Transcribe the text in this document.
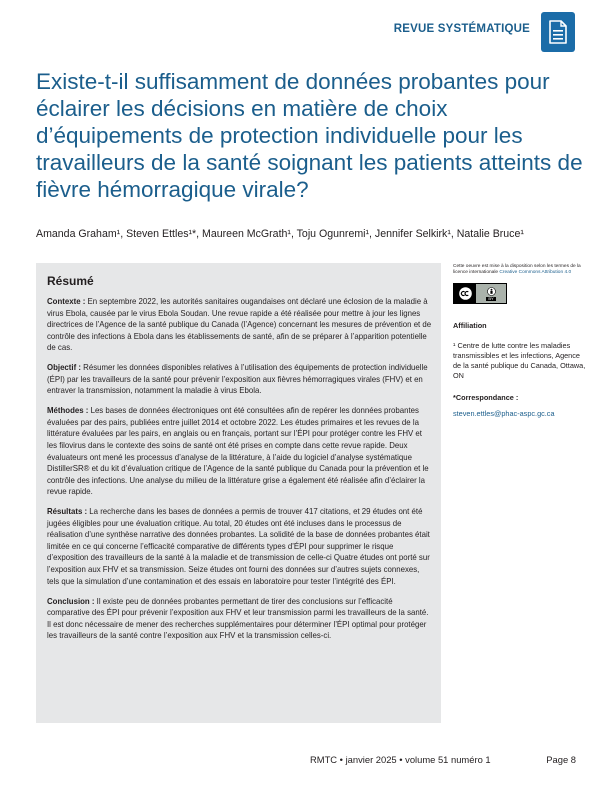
REVUE SYSTÉMATIQUE
Existe-t-il suffisamment de données probantes pour éclairer les décisions en matière de choix d’équipements de protection individuelle pour les travailleurs de la santé soignant les patients atteints de fièvre hémorragique virale?
Amanda Graham¹, Steven Ettles¹*, Maureen McGrath¹, Toju Ogunremi¹, Jennifer Selkirk¹, Natalie Bruce¹
Résumé

Contexte : En septembre 2022, les autorités sanitaires ougandaises ont déclaré une éclosion de la maladie à virus Ebola, causée par le virus Ebola Soudan. Une revue rapide a été réalisée pour mettre à jour les lignes directrices de l’Agence de la santé publique du Canada (l’Agence) concernant les mesures de prévention et de contrôle des infections à Ebola dans les établissements de santé, afin de se préparer à l’apparition potentielle de cas.

Objectif : Résumer les données disponibles relatives à l’utilisation des équipements de protection individuelle (ÉPI) par les travailleurs de la santé pour prévenir l’exposition aux fièvres hémorragiques virales (FHV) et en entraver la transmission, notamment la maladie à virus Ebola.

Méthodes : Les bases de données électroniques ont été consultées afin de repérer les données probantes évaluées par des pairs, publiées entre juillet 2014 et octobre 2022. Les études primaires et les revues de la littérature évaluées par les pairs, en anglais ou en français, portant sur l’ÉPI pour protéger contre les FHV et les filovirus dans le contexte des soins de santé ont été prises en compte dans cette revue rapide. Deux évaluateurs ont mené les processus d’analyse de la littérature, à l’aide du logiciel d’analyse systématique DistillerSR® et du kit d’évaluation critique de l’Agence de la santé publique du Canada pour la prévention et le contrôle des infections. Une analyse du milieu de la littérature grise a également été réalisée afin d’éclairer la revue rapide.

Résultats : La recherche dans les bases de données a permis de trouver 417 citations, et 29 études ont été jugées éligibles pour une évaluation critique. Au total, 20 études ont été incluses dans le processus de réalisation d’une synthèse narrative des données probantes. La solidité de la base de données probantes était limitée en ce qui concerne l’efficacité comparative de différents types d’ÉPI pour supprimer le risque d’exposition des travailleurs de la santé à la maladie et de transmission de celle-ci Quatre études ont porté sur l’exposition aux FHV et sa transmission. Seize études ont fourni des données sur d’autres sujets connexes, tels que la simulation d’une contamination et des essais en laboratoire pour tester l’intégrité des ÉPI.

Conclusion : Il existe peu de données probantes permettant de tirer des conclusions sur l’efficacité comparative des ÉPI pour prévenir l’exposition aux FHV et leur transmission parmi les travailleurs de la santé. Il est donc nécessaire de mener des recherches supplémentaires pour déterminer l’ÉPI optimal pour protéger les travailleurs de la santé contre l’exposition aux FHV et la transmission celles-ci.

Cette oeuvre est mise à la disposition selon les termes de la licence internationale Creative Commons Attribution 4.0
BY
Affiliation
¹ Centre de lutte contre les maladies transmissibles et les infections, Agence de la santé publique du Canada, Ottawa, ON
*Correspondance :
steven.ettles@phac-aspc.gc.ca
RMTC • janvier 2025 • volume 51 numéro 1	Page 8
